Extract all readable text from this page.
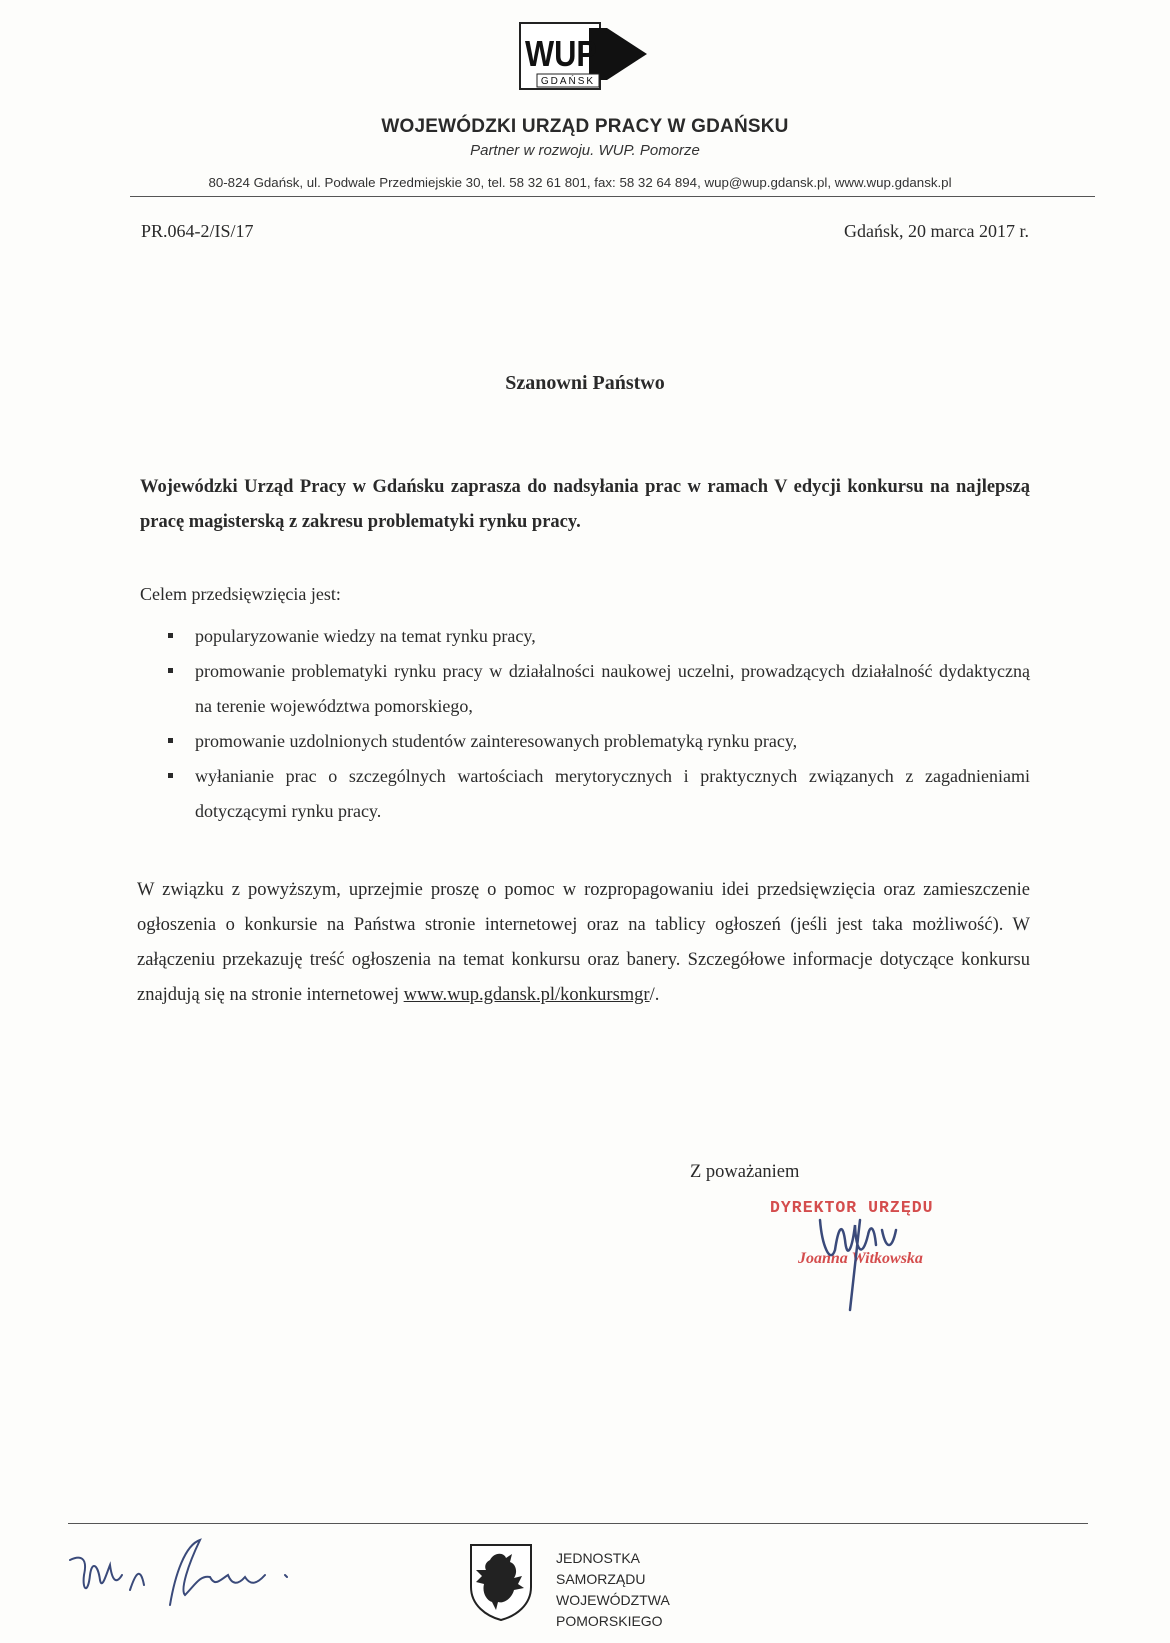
WUP
GDAŃSK
WOJEWÓDZKI URZĄD PRACY W GDAŃSKU
Partner w rozwoju. WUP. Pomorze
80-824 Gdańsk, ul. Podwale Przedmiejskie 30, tel. 58 32 61 801, fax: 58 32 64 894, wup@wup.gdansk.pl, www.wup.gdansk.pl
PR.064-2/IS/17	Gdańsk, 20 marca 2017 r.
Szanowni Państwo
Wojewódzki Urząd Pracy w Gdańsku zaprasza do nadsyłania prac w ramach V edycji konkursu na najlepszą pracę magisterską z zakresu problematyki rynku pracy.
Celem przedsięwzięcia jest:
popularyzowanie wiedzy na temat rynku pracy,
promowanie problematyki rynku pracy w działalności naukowej uczelni, prowadzących działalność dydaktyczną na terenie województwa pomorskiego,
promowanie uzdolnionych studentów zainteresowanych problematyką rynku pracy,
wyłanianie prac o szczególnych wartościach merytorycznych i praktycznych związanych z zagadnieniami dotyczącymi rynku pracy.
W związku z powyższym, uprzejmie proszę o pomoc w rozpropagowaniu idei przedsięwzięcia oraz zamieszczenie ogłoszenia o konkursie na Państwa stronie internetowej oraz na tablicy ogłoszeń (jeśli jest taka możliwość). W załączeniu przekazuję treść ogłoszenia na temat konkursu oraz banery. Szczegółowe informacje dotyczące konkursu znajdują się na stronie internetowej www.wup.gdansk.pl/konkursmgr/.
Z poważaniem
DYREKTOR URZĘDU
Joanna Witkowska
JEDNOSTKA
SAMORZĄDU
WOJEWÓDZTWA
POMORSKIEGO
